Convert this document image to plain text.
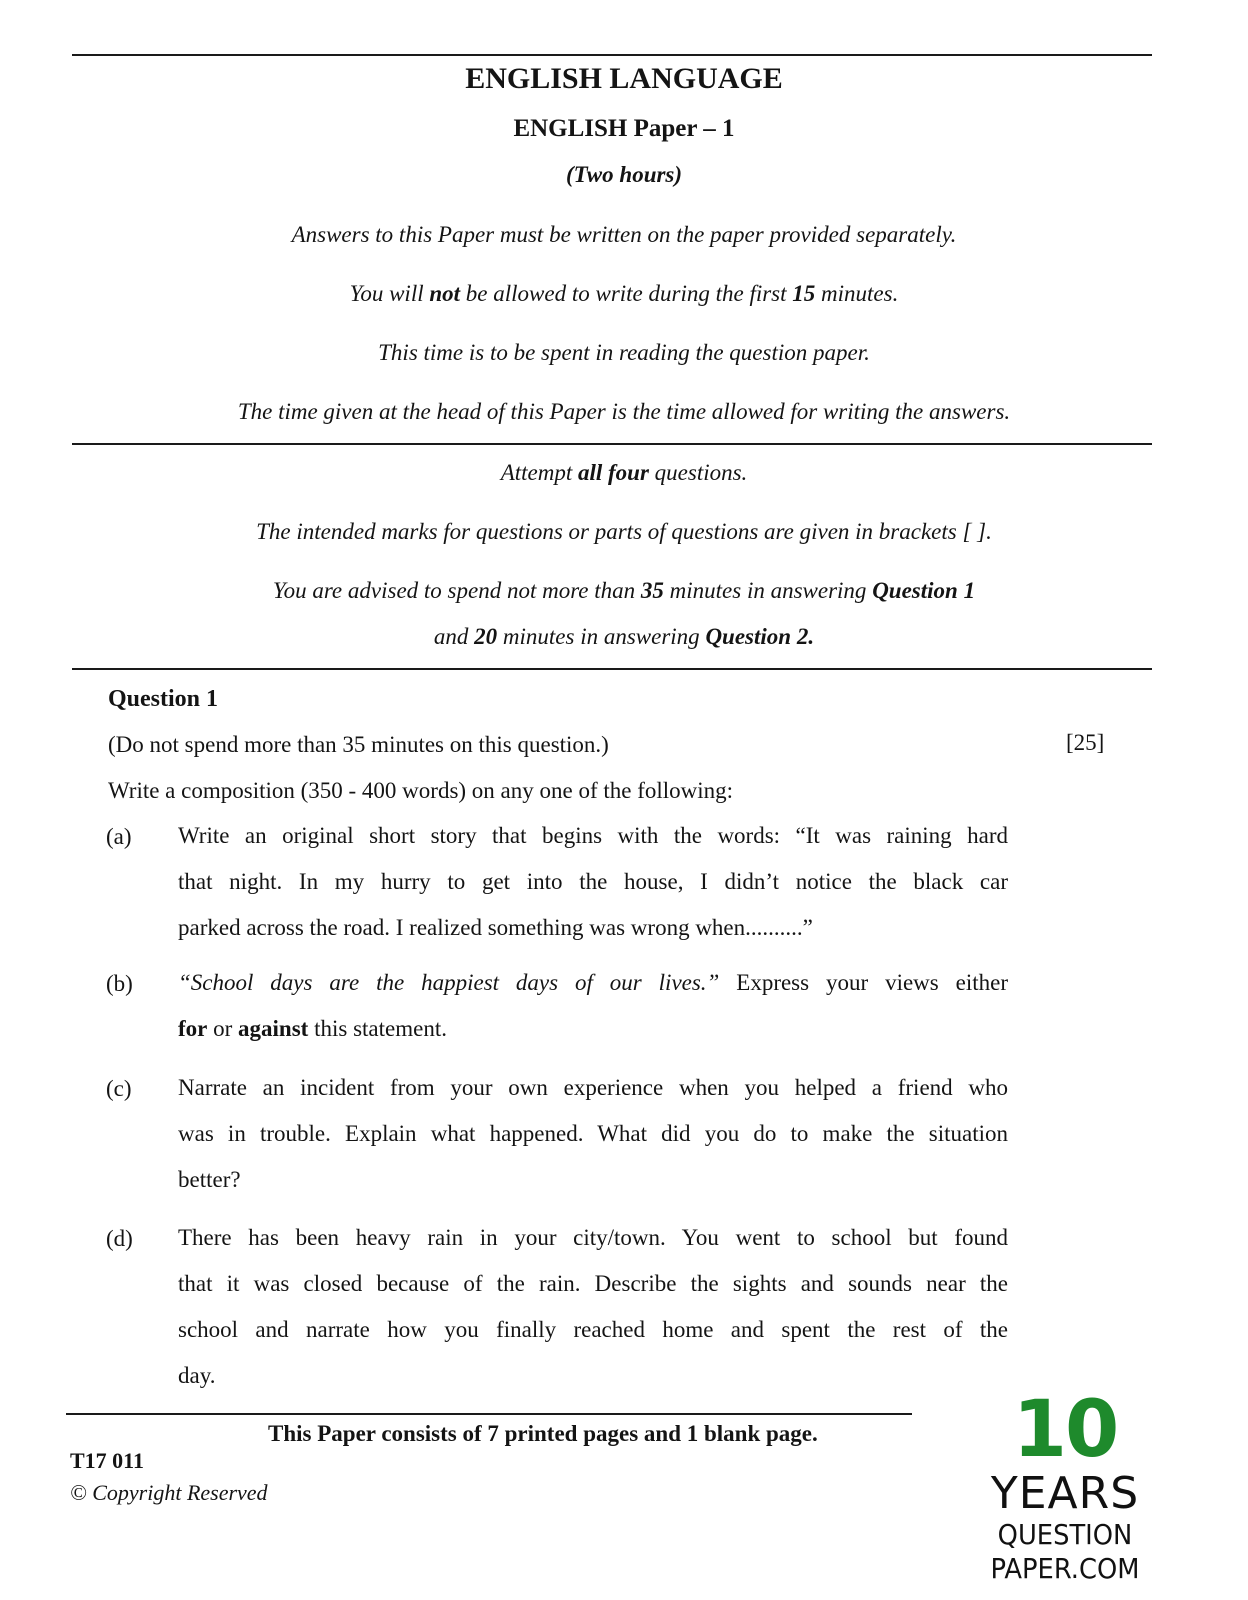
ENGLISH LANGUAGE
ENGLISH Paper – 1
(Two hours)
Answers to this Paper must be written on the paper provided separately.
You will not be allowed to write during the first 15 minutes.
This time is to be spent in reading the question paper.
The time given at the head of this Paper is the time allowed for writing the answers.
Attempt all four questions.
The intended marks for questions or parts of questions are given in brackets [ ].
You are advised to spend not more than 35 minutes in answering Question 1
and 20 minutes in answering Question 2.
Question 1
(Do not spend more than 35 minutes on this question.)	[25]
Write a composition (350 - 400 words) on any one of the following:
(a) Write an original short story that begins with the words: “It was raining hard
that night. In my hurry to get into the house, I didn’t notice the black car
parked across the road. I realized something was wrong when..........”
(b) “School days are the happiest days of our lives.” Express your views either
for or against this statement.
(c) Narrate an incident from your own experience when you helped a friend who
was in trouble. Explain what happened. What did you do to make the situation
better?
(d) There has been heavy rain in your city/town. You went to school but found
that it was closed because of the rain. Describe the sights and sounds near the
school and narrate how you finally reached home and spent the rest of the
day.
This Paper consists of 7 printed pages and 1 blank page.
T17 011
© Copyright Reserved
10
YEARS
QUESTION PAPER.COM
